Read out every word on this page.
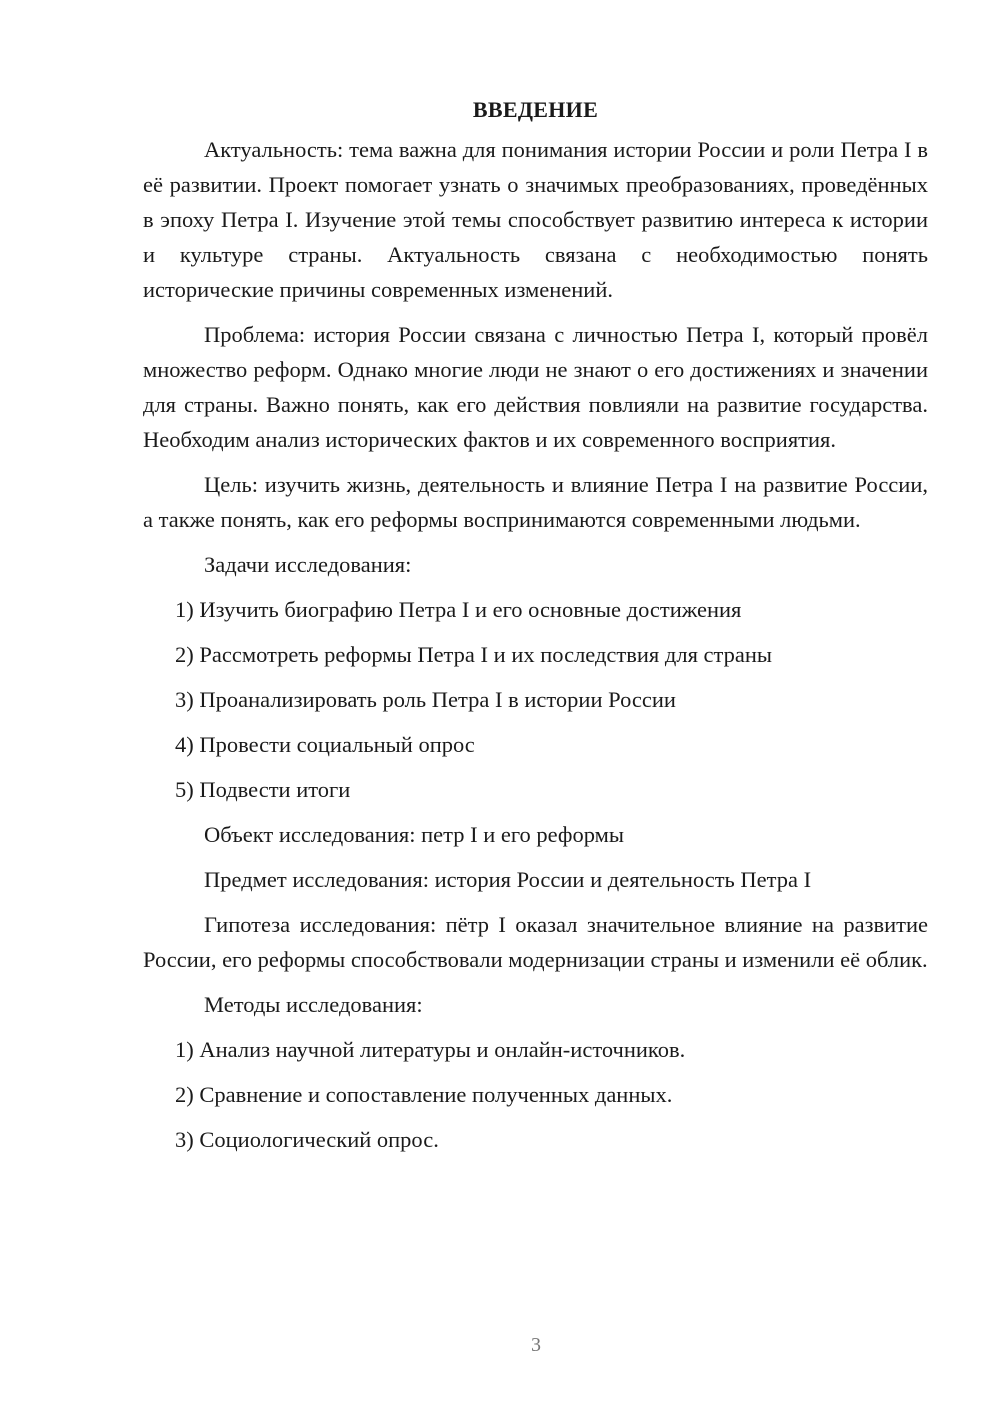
ВВЕДЕНИЕ

Актуальность: тема важна для понимания истории России и роли Петра I в её развитии. Проект помогает узнать о значимых преобразованиях, проведённых в эпоху Петра I. Изучение этой темы способствует развитию интереса к истории и культуре страны. Актуальность связана с необходимостью понять исторические причины современных изменений.

Проблема: история России связана с личностью Петра I, который провёл множество реформ. Однако многие люди не знают о его достижениях и значении для страны. Важно понять, как его действия повлияли на развитие государства. Необходим анализ исторических фактов и их современного восприятия.

Цель: изучить жизнь, деятельность и влияние Петра I на развитие России, а также понять, как его реформы воспринимаются современными людьми.

Задачи исследования:

1) Изучить биографию Петра I и его основные достижения

2) Рассмотреть реформы Петра I и их последствия для страны

3) Проанализировать роль Петра I в истории России

4) Провести социальный опрос

5) Подвести итоги

Объект исследования: петр I и его реформы

Предмет исследования: история России и деятельность Петра I

Гипотеза исследования: пётр I оказал значительное влияние на развитие России, его реформы способствовали модернизации страны и изменили её облик.

Методы исследования:

1) Анализ научной литературы и онлайн-источников.

2) Сравнение и сопоставление полученных данных.

3) Социологический опрос.

3
